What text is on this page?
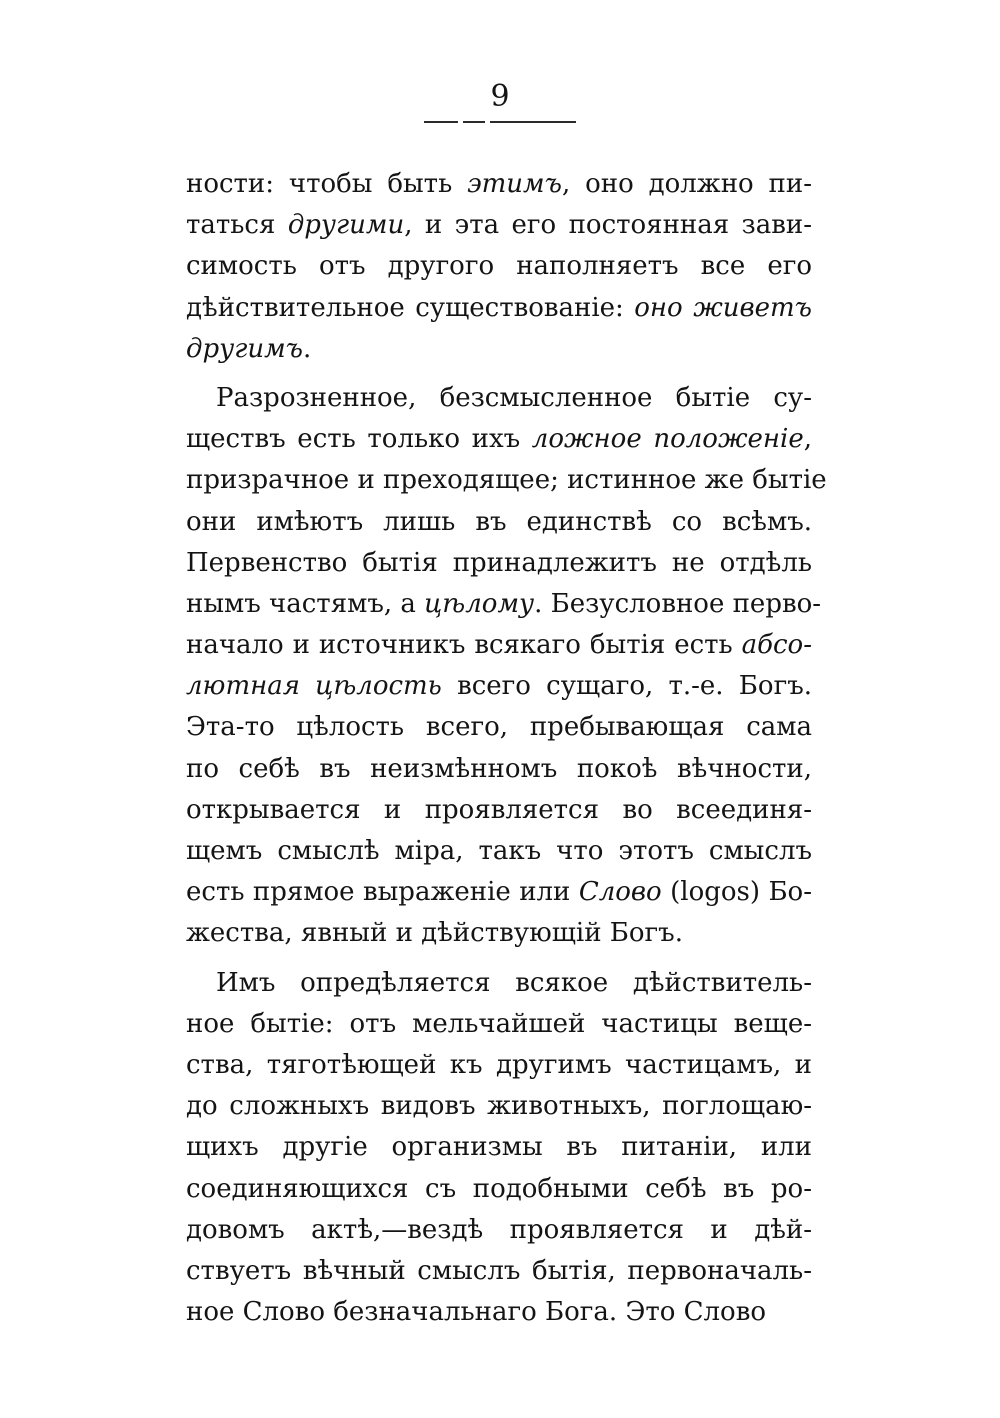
9
ности: чтобы быть этимъ, оно должно пи-
таться другими, и эта его постоянная зави-
симость отъ другого наполняетъ все его
дѣйствительное существованіе: оно живетъ
другимъ.
Разрозненное, безсмысленное бытіе су-
ществъ есть только ихъ ложное положеніе,
призрачное и преходящее; истинное же бытіе
они имѣютъ лишь въ единствѣ со всѣмъ.
Первенство бытія принадлежитъ не отдѣль
нымъ частямъ, а цѣлому. Безусловное перво-
начало и источникъ всякаго бытія есть абсо-
лютная цѣлость всего сущаго, т.-е. Богъ.
Эта-то цѣлость всего, пребывающая сама
по себѣ въ неизмѣнномъ покоѣ вѣчности,
открывается и проявляется во всеединя-
щемъ смыслѣ міра, такъ что этотъ смыслъ
есть прямое выраженіе или Слово (logos) Бо-
жества, явный и дѣйствующій Богъ.
Имъ опредѣляется всякое дѣйствитель-
ное бытіе: отъ мельчайшей частицы веще-
ства, тяготѣющей къ другимъ частицамъ, и
до сложныхъ видовъ животныхъ, поглощаю-
щихъ другіе организмы въ питаніи, или
соединяющихся съ подобными себѣ въ ро-
довомъ актѣ,—вездѣ проявляется и дѣй-
ствуетъ вѣчный смыслъ бытія, первоначаль-
ное Слово безначальнаго Бога. Это Слово
